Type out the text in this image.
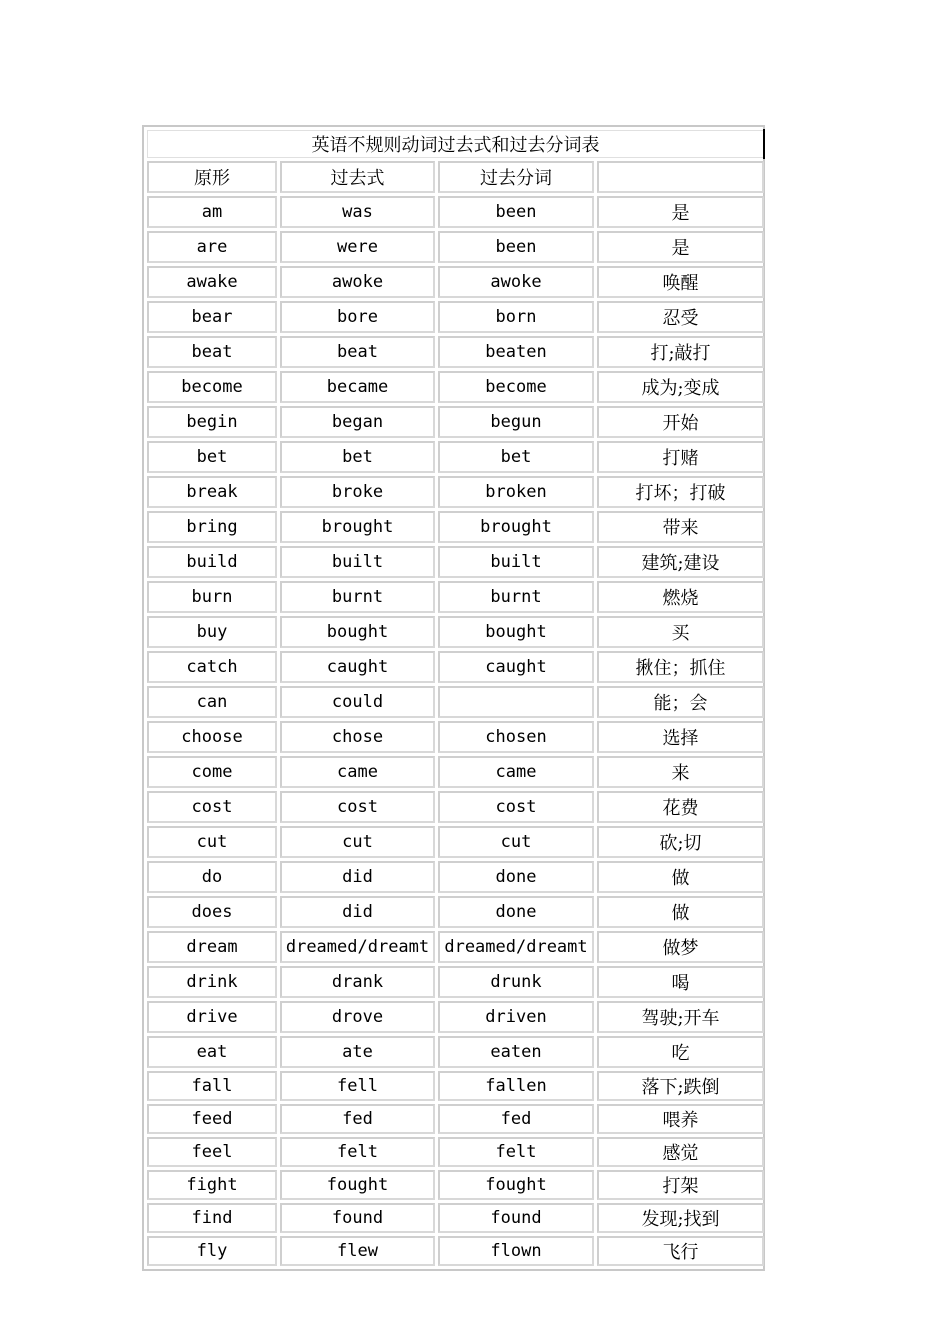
英语不规则动词过去式和过去分词表			
原形	过去式	过去分词	
am	was	been	是
are	were	been	是
awake	awoke	awoke	唤醒
bear	bore	born	忍受
beat	beat	beaten	打;敲打
become	became	become	成为;变成
begin	began	begun	开始
bet	bet	bet	打赌
break	broke	broken	打坏；打破
bring	brought	brought	带来
build	built	built	建筑;建设
burn	burnt	burnt	燃烧
buy	bought	bought	买
catch	caught	caught	揪住；抓住
can	could		能；会
choose	chose	chosen	选择
come	came	came	来
cost	cost	cost	花费
cut	cut	cut	砍;切
do	did	done	做
does	did	done	做
dream	dreamed/dreamt	dreamed/dreamt	做梦
drink	drank	drunk	喝
drive	drove	driven	驾驶;开车
eat	ate	eaten	吃
fall	fell	fallen	落下;跌倒
feed	fed	fed	喂养
feel	felt	felt	感觉
fight	fought	fought	打架
find	found	found	发现;找到
fly	flew	flown	飞行
